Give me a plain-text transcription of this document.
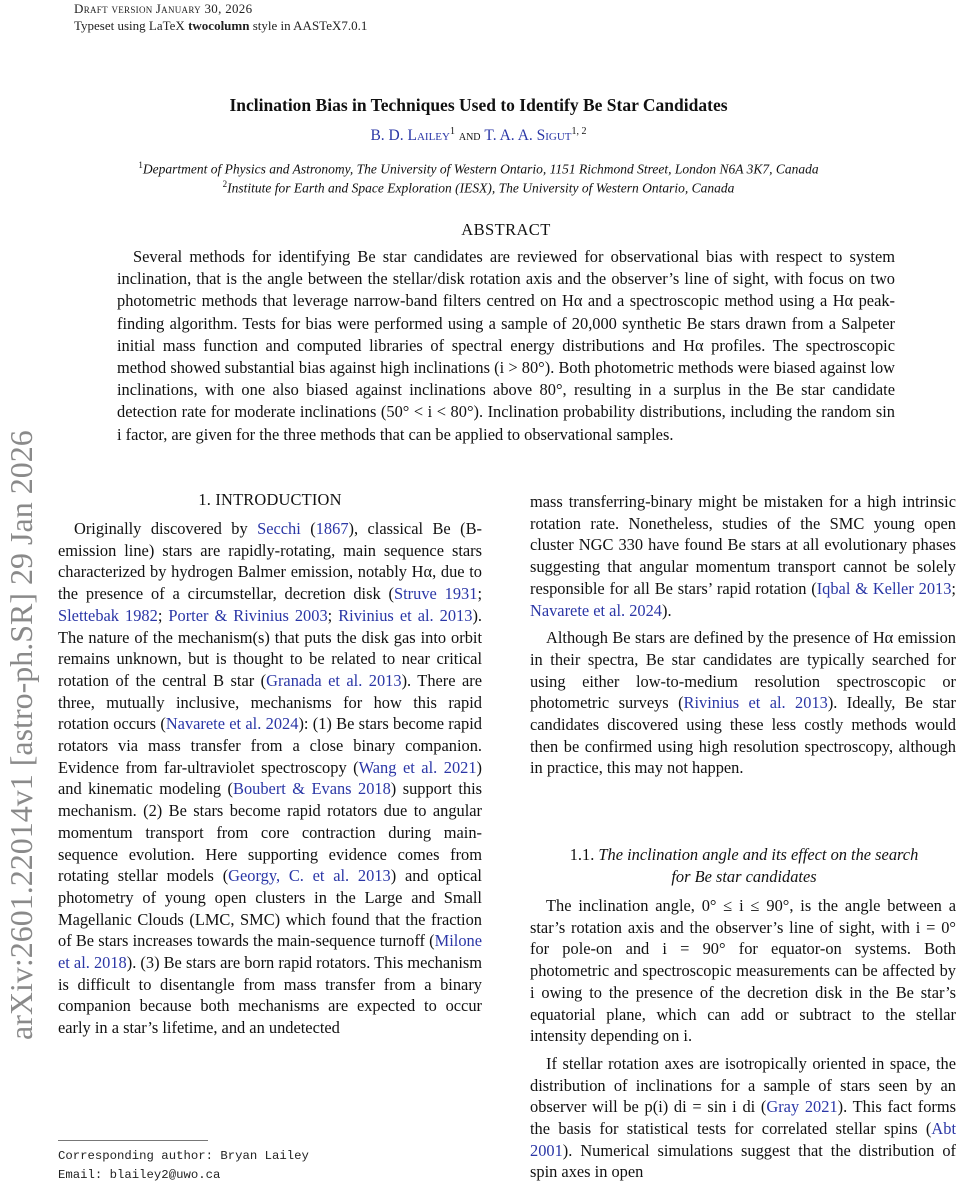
Draft version January 30, 2026
Typeset using LaTeX twocolumn style in AASTeX7.0.1
arXiv:2601.22014v1 [astro-ph.SR] 29 Jan 2026
Inclination Bias in Techniques Used to Identify Be Star Candidates
B. D. Lailey$^1$ and T. A. A. Sigut$^{1, 2}$
$^1$Department of Physics and Astronomy, The University of Western Ontario, 1151 Richmond Street, London N6A 3K7, Canada
$^2$Institute for Earth and Space Exploration (IESX), The University of Western Ontario, Canada
ABSTRACT

Several methods for identifying Be star candidates are reviewed for observational bias with respect to system inclination, that is the angle between the stellar/disk rotation axis and the observer’s line of sight, with focus on two photometric methods that leverage narrow-band filters centred on Hα and a spectroscopic method using a Hα peak-finding algorithm. Tests for bias were performed using a sample of 20,000 synthetic Be stars drawn from a Salpeter initial mass function and computed libraries of spectral energy distributions and Hα profiles. The spectroscopic method showed substantial bias against high inclinations (i > 80°). Both photometric methods were biased against low inclinations, with one also biased against inclinations above 80°, resulting in a surplus in the Be star candidate detection rate for moderate inclinations (50° < i < 80°). Inclination probability distributions, including the random sin i factor, are given for the three methods that can be applied to observational samples.

1. INTRODUCTION

Originally discovered by Secchi (1867), classical Be (B-emission line) stars are rapidly-rotating, main sequence stars characterized by hydrogen Balmer emission, notably Hα, due to the presence of a circumstellar, decretion disk (Struve 1931; Slettebak 1982; Porter & Rivinius 2003; Rivinius et al. 2013). The nature of the mechanism(s) that puts the disk gas into orbit remains unknown, but is thought to be related to near critical rotation of the central B star (Granada et al. 2013). There are three, mutually inclusive, mechanisms for how this rapid rotation occurs (Navarete et al. 2024): (1) Be stars become rapid rotators via mass transfer from a close binary companion. Evidence from far-ultraviolet spectroscopy (Wang et al. 2021) and kinematic modeling (Boubert & Evans 2018) support this mechanism. (2) Be stars become rapid rotators due to angular momentum transport from core contraction during main-sequence evolution. Here supporting evidence comes from rotating stellar models (Georgy, C. et al. 2013) and optical photometry of young open clusters in the Large and Small Magellanic Clouds (LMC, SMC) which found that the fraction of Be stars increases towards the main-sequence turnoff (Milone et al. 2018). (3) Be stars are born rapid rotators. This mechanism is difficult to disentangle from mass transfer from a binary companion because both mechanisms are expected to occur early in a star’s lifetime, and an undetected

mass transferring-binary might be mistaken for a high intrinsic rotation rate. Nonetheless, studies of the SMC young open cluster NGC 330 have found Be stars at all evolutionary phases suggesting that angular momentum transport cannot be solely responsible for all Be stars’ rapid rotation (Iqbal & Keller 2013; Navarete et al. 2024).

Although Be stars are defined by the presence of Hα emission in their spectra, Be star candidates are typically searched for using either low-to-medium resolution spectroscopic or photometric surveys (Rivinius et al. 2013). Ideally, Be star candidates discovered using these less costly methods would then be confirmed using high resolution spectroscopy, although in practice, this may not happen.

1.1. The inclination angle and its effect on the search
for Be star candidates

The inclination angle, 0° ≤ i ≤ 90°, is the angle between a star’s rotation axis and the observer’s line of sight, with i = 0° for pole-on and i = 90° for equator-on systems. Both photometric and spectroscopic measurements can be affected by i owing to the presence of the decretion disk in the Be star’s equatorial plane, which can add or subtract to the stellar intensity depending on i.

If stellar rotation axes are isotropically oriented in space, the distribution of inclinations for a sample of stars seen by an observer will be p(i) di = sin i di (Gray 2021). This fact forms the basis for statistical tests for correlated stellar spins (Abt 2001). Numerical simulations suggest that the distribution of spin axes in open

Corresponding author: Bryan Lailey
Email: blailey2@uwo.ca
